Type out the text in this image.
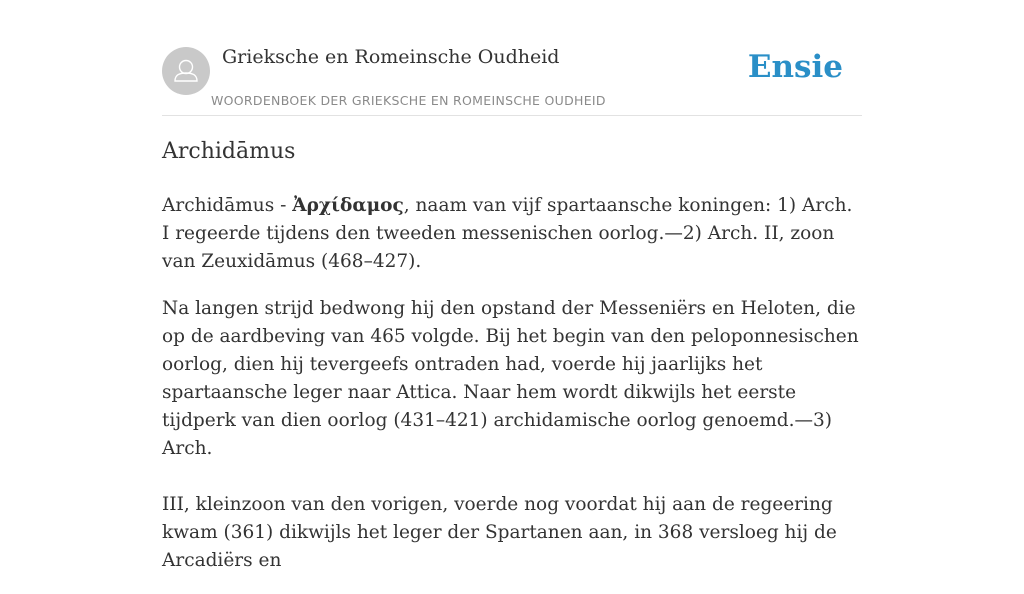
Grieksche en Romeinsche Oudheid
WOORDENBOEK DER GRIEKSCHE EN ROMEINSCHE OUDHEID
Ensie
Archidāmus

Archidāmus - Ἀρχίδαμος, naam van vijf spartaansche koningen: 1) Arch. I regeerde tijdens den tweeden messenischen oorlog.—2) Arch. II, zoon van Zeuxidāmus (468–427).

Na langen strijd bedwong hij den opstand der Messeniërs en Heloten, die op de aardbeving van 465 volgde. Bij het begin van den peloponnesischen oorlog, dien hij tevergeefs ontraden had, voerde hij jaarlijks het spartaansche leger naar Attica. Naar hem wordt dikwijls het eerste tijdperk van dien oorlog (431–421) archidamische oorlog genoemd.—3) Arch.

III, kleinzoon van den vorigen, voerde nog voordat hij aan de regeering kwam (361) dikwijls het leger der Spartanen aan, in 368 versloeg hij de Arcadiërs en
